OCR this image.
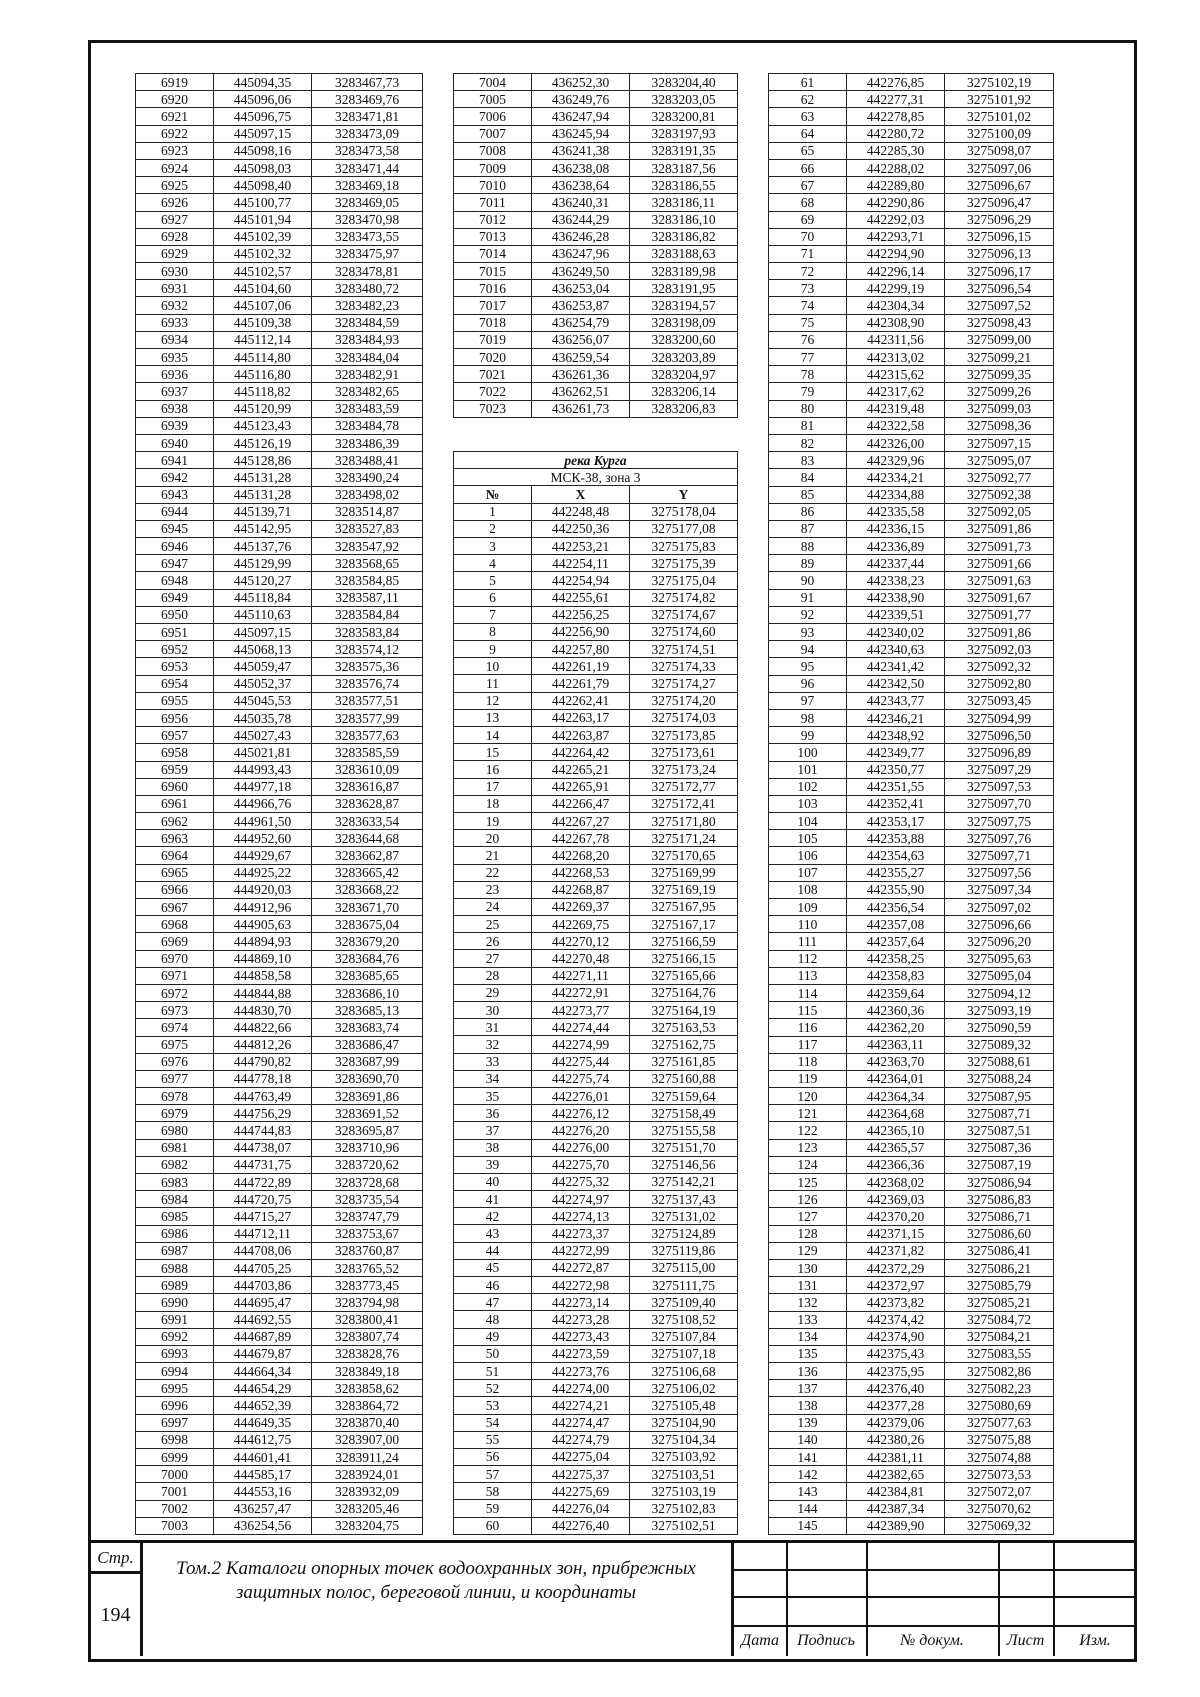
6919	445094,35	3283467,73
6920	445096,06	3283469,76
6921	445096,75	3283471,81
6922	445097,15	3283473,09
6923	445098,16	3283473,58
6924	445098,03	3283471,44
6925	445098,40	3283469,18
6926	445100,77	3283469,05
6927	445101,94	3283470,98
6928	445102,39	3283473,55
6929	445102,32	3283475,97
6930	445102,57	3283478,81
6931	445104,60	3283480,72
6932	445107,06	3283482,23
6933	445109,38	3283484,59
6934	445112,14	3283484,93
6935	445114,80	3283484,04
6936	445116,80	3283482,91
6937	445118,82	3283482,65
6938	445120,99	3283483,59
6939	445123,43	3283484,78
6940	445126,19	3283486,39
6941	445128,86	3283488,41
6942	445131,28	3283490,24
6943	445131,28	3283498,02
6944	445139,71	3283514,87
6945	445142,95	3283527,83
6946	445137,76	3283547,92
6947	445129,99	3283568,65
6948	445120,27	3283584,85
6949	445118,84	3283587,11
6950	445110,63	3283584,84
6951	445097,15	3283583,84
6952	445068,13	3283574,12
6953	445059,47	3283575,36
6954	445052,37	3283576,74
6955	445045,53	3283577,51
6956	445035,78	3283577,99
6957	445027,43	3283577,63
6958	445021,81	3283585,59
6959	444993,43	3283610,09
6960	444977,18	3283616,87
6961	444966,76	3283628,87
6962	444961,50	3283633,54
6963	444952,60	3283644,68
6964	444929,67	3283662,87
6965	444925,22	3283665,42
6966	444920,03	3283668,22
6967	444912,96	3283671,70
6968	444905,63	3283675,04
6969	444894,93	3283679,20
6970	444869,10	3283684,76
6971	444858,58	3283685,65
6972	444844,88	3283686,10
6973	444830,70	3283685,13
6974	444822,66	3283683,74
6975	444812,26	3283686,47
6976	444790,82	3283687,99
6977	444778,18	3283690,70
6978	444763,49	3283691,86
6979	444756,29	3283691,52
6980	444744,83	3283695,87
6981	444738,07	3283710,96
6982	444731,75	3283720,62
6983	444722,89	3283728,68
6984	444720,75	3283735,54
6985	444715,27	3283747,79
6986	444712,11	3283753,67
6987	444708,06	3283760,87
6988	444705,25	3283765,52
6989	444703,86	3283773,45
6990	444695,47	3283794,98
6991	444692,55	3283800,41
6992	444687,89	3283807,74
6993	444679,87	3283828,76
6994	444664,34	3283849,18
6995	444654,29	3283858,62
6996	444652,39	3283864,72
6997	444649,35	3283870,40
6998	444612,75	3283907,00
6999	444601,41	3283911,24
7000	444585,17	3283924,01
7001	444553,16	3283932,09
7002	436257,47	3283205,46
7003	436254,56	3283204,75
7004	436252,30	3283204,40
7005	436249,76	3283203,05
7006	436247,94	3283200,81
7007	436245,94	3283197,93
7008	436241,38	3283191,35
7009	436238,08	3283187,56
7010	436238,64	3283186,55
7011	436240,31	3283186,11
7012	436244,29	3283186,10
7013	436246,28	3283186,82
7014	436247,96	3283188,63
7015	436249,50	3283189,98
7016	436253,04	3283191,95
7017	436253,87	3283194,57
7018	436254,79	3283198,09
7019	436256,07	3283200,60
7020	436259,54	3283203,89
7021	436261,36	3283204,97
7022	436262,51	3283206,14
7023	436261,73	3283206,83
река Курга		
МСК-38, зона 3		
№	X	Y
1	442248,48	3275178,04
2	442250,36	3275177,08
3	442253,21	3275175,83
4	442254,11	3275175,39
5	442254,94	3275175,04
6	442255,61	3275174,82
7	442256,25	3275174,67
8	442256,90	3275174,60
9	442257,80	3275174,51
10	442261,19	3275174,33
11	442261,79	3275174,27
12	442262,41	3275174,20
13	442263,17	3275174,03
14	442263,87	3275173,85
15	442264,42	3275173,61
16	442265,21	3275173,24
17	442265,91	3275172,77
18	442266,47	3275172,41
19	442267,27	3275171,80
20	442267,78	3275171,24
21	442268,20	3275170,65
22	442268,53	3275169,99
23	442268,87	3275169,19
24	442269,37	3275167,95
25	442269,75	3275167,17
26	442270,12	3275166,59
27	442270,48	3275166,15
28	442271,11	3275165,66
29	442272,91	3275164,76
30	442273,77	3275164,19
31	442274,44	3275163,53
32	442274,99	3275162,75
33	442275,44	3275161,85
34	442275,74	3275160,88
35	442276,01	3275159,64
36	442276,12	3275158,49
37	442276,20	3275155,58
38	442276,00	3275151,70
39	442275,70	3275146,56
40	442275,32	3275142,21
41	442274,97	3275137,43
42	442274,13	3275131,02
43	442273,37	3275124,89
44	442272,99	3275119,86
45	442272,87	3275115,00
46	442272,98	3275111,75
47	442273,14	3275109,40
48	442273,28	3275108,52
49	442273,43	3275107,84
50	442273,59	3275107,18
51	442273,76	3275106,68
52	442274,00	3275106,02
53	442274,21	3275105,48
54	442274,47	3275104,90
55	442274,79	3275104,34
56	442275,04	3275103,92
57	442275,37	3275103,51
58	442275,69	3275103,19
59	442276,04	3275102,83
60	442276,40	3275102,51
61	442276,85	3275102,19
62	442277,31	3275101,92
63	442278,85	3275101,02
64	442280,72	3275100,09
65	442285,30	3275098,07
66	442288,02	3275097,06
67	442289,80	3275096,67
68	442290,86	3275096,47
69	442292,03	3275096,29
70	442293,71	3275096,15
71	442294,90	3275096,13
72	442296,14	3275096,17
73	442299,19	3275096,54
74	442304,34	3275097,52
75	442308,90	3275098,43
76	442311,56	3275099,00
77	442313,02	3275099,21
78	442315,62	3275099,35
79	442317,62	3275099,26
80	442319,48	3275099,03
81	442322,58	3275098,36
82	442326,00	3275097,15
83	442329,96	3275095,07
84	442334,21	3275092,77
85	442334,88	3275092,38
86	442335,58	3275092,05
87	442336,15	3275091,86
88	442336,89	3275091,73
89	442337,44	3275091,66
90	442338,23	3275091,63
91	442338,90	3275091,67
92	442339,51	3275091,77
93	442340,02	3275091,86
94	442340,63	3275092,03
95	442341,42	3275092,32
96	442342,50	3275092,80
97	442343,77	3275093,45
98	442346,21	3275094,99
99	442348,92	3275096,50
100	442349,77	3275096,89
101	442350,77	3275097,29
102	442351,55	3275097,53
103	442352,41	3275097,70
104	442353,17	3275097,75
105	442353,88	3275097,76
106	442354,63	3275097,71
107	442355,27	3275097,56
108	442355,90	3275097,34
109	442356,54	3275097,02
110	442357,08	3275096,66
111	442357,64	3275096,20
112	442358,25	3275095,63
113	442358,83	3275095,04
114	442359,64	3275094,12
115	442360,36	3275093,19
116	442362,20	3275090,59
117	442363,11	3275089,32
118	442363,70	3275088,61
119	442364,01	3275088,24
120	442364,34	3275087,95
121	442364,68	3275087,71
122	442365,10	3275087,51
123	442365,57	3275087,36
124	442366,36	3275087,19
125	442368,02	3275086,94
126	442369,03	3275086,83
127	442370,20	3275086,71
128	442371,15	3275086,60
129	442371,82	3275086,41
130	442372,29	3275086,21
131	442372,97	3275085,79
132	442373,82	3275085,21
133	442374,42	3275084,72
134	442374,90	3275084,21
135	442375,43	3275083,55
136	442375,95	3275082,86
137	442376,40	3275082,23
138	442377,28	3275080,69
139	442379,06	3275077,63
140	442380,26	3275075,88
141	442381,11	3275074,88
142	442382,65	3275073,53
143	442384,81	3275072,07
144	442387,34	3275070,62
145	442389,90	3275069,32
Стр.
194
Том.2 Каталоги опорных точек водоохранных зон, прибрежных защитных полос, береговой линии, и координаты
Дата	Подпись	№ докум.	Лист	Изм.
